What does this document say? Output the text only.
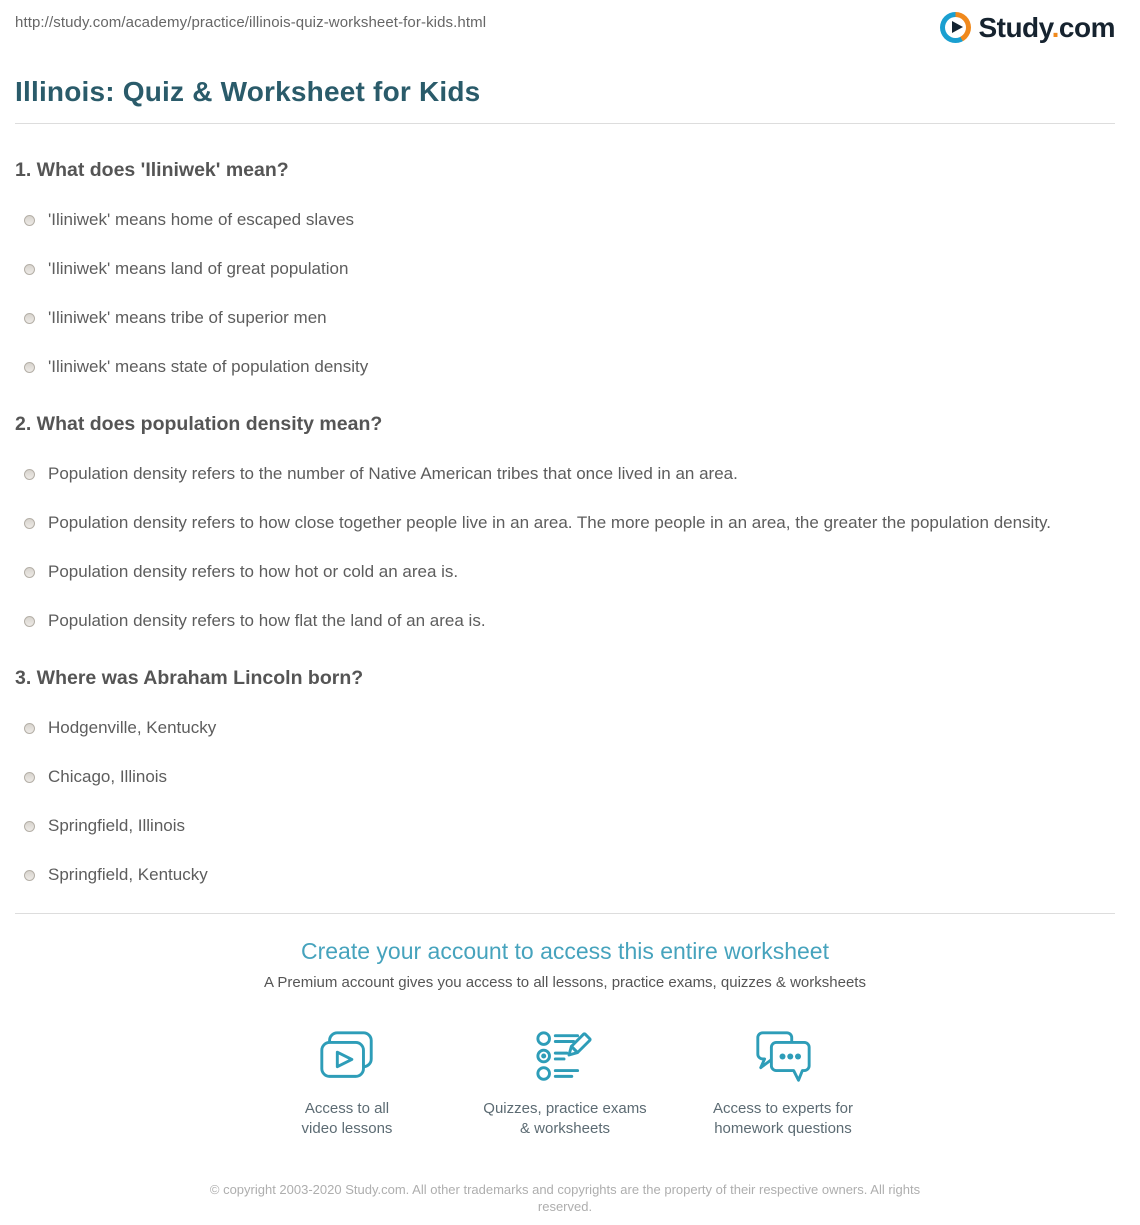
http://study.com/academy/practice/illinois-quiz-worksheet-for-kids.html	Study.com
Illinois: Quiz & Worksheet for Kids
1. What does 'Iliniwek' mean?
'Iliniwek' means home of escaped slaves
'Iliniwek' means land of great population
'Iliniwek' means tribe of superior men
'Iliniwek' means state of population density
2. What does population density mean?
Population density refers to the number of Native American tribes that once lived in an area.
Population density refers to how close together people live in an area. The more people in an area, the greater the population density.
Population density refers to how hot or cold an area is.
Population density refers to how flat the land of an area is.
3. Where was Abraham Lincoln born?
Hodgenville, Kentucky
Chicago, Illinois
Springfield, Illinois
Springfield, Kentucky
Create your account to access this entire worksheet

A Premium account gives you access to all lessons, practice exams, quizzes & worksheets

Access to all
video lessons
Quizzes, practice exams
& worksheets
Access to experts for
homework questions

© copyright 2003-2020 Study.com. All other trademarks and copyrights are the property of their respective owners. All rights reserved.
